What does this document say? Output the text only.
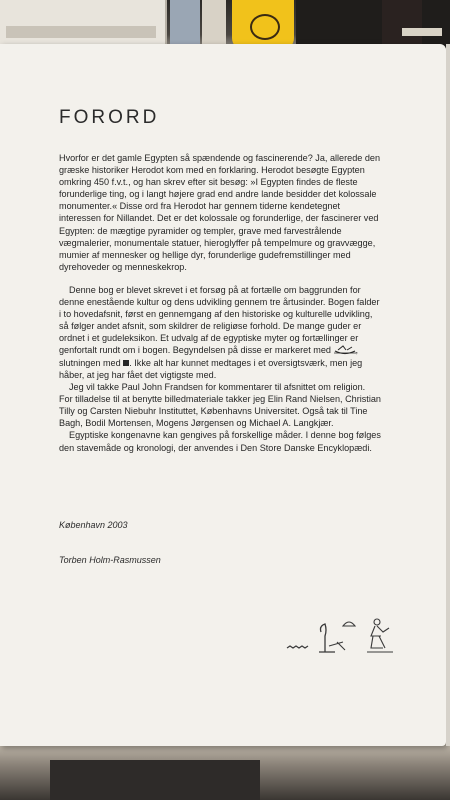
FORORD

Hvorfor er det gamle Egypten så spændende og fascinerende? Ja, allerede den græske historiker Herodot kom med en forklaring. Herodot besøgte Egypten omkring 450 f.v.t., og han skrev efter sit besøg: »I Egypten findes de fleste forunderlige ting, og i langt højere grad end andre lande besidder det kolossale monumenter.« Disse ord fra Herodot har gennem tiderne kendetegnet interessen for Nillandet. Det er det kolossale og forunderlige, der fascinerer ved Egypten: de mægtige pyramider og templer, grave med farvestrålende vægmalerier, monumentale statuer, hieroglyffer på tempelmure og gravvægge, mumier af mennesker og hellige dyr, forunderlige gudefremstillinger med dyrehoveder og menneskekrop.

Denne bog er blevet skrevet i et forsøg på at fortælle om baggrunden for denne enestående kultur og dens udvikling gennem tre årtusinder. Bogen falder i to hovedafsnit, først en gennemgang af den historiske og kulturelle udvikling, så følger andet afsnit, som skildrer de religiøse forhold. De mange guder er ordnet i et gudeleksikon. Et udvalg af de egyptiske myter og fortællinger er genfortalt rundt om i bogen. Begyndelsen på disse er markeret med	, slutningen med . Ikke alt har kunnet medtages i et oversigtsværk, men jeg håber, at jeg har fået det vigtigste med.

Jeg vil takke Paul John Frandsen for kommentarer til afsnittet om religion. For tilladelse til at benytte billedmateriale takker jeg Elin Rand Nielsen, Christian Tilly og Carsten Niebuhr Instituttet, Københavns Universitet. Også tak til Tine Bagh, Bodil Mortensen, Mogens Jørgensen og Michael A. Langkjær.

Egyptiske kongenavne kan gengives på forskellige måder. I denne bog følges den stavemåde og kronologi, der anvendes i Den Store Danske Encyklopædi.

København 2003

Torben Holm-Rasmussen
